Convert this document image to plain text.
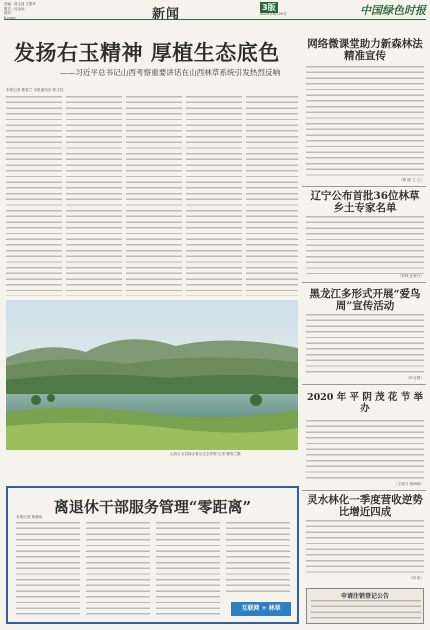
责编：周玉清 王燕华
版式：付金仙
校对：
E-mail:	新闻	3版
2025年6月20日	中国绿色时报
发扬右玉精神 厚植生态底色
——习近平总书记山西考察重要讲话在山西林草系统引发热烈反响
本报记者 曹春兰 本报通讯员 郭文柱
山西右玉县绿水青山生态景观 记者 曹春兰摄
网络微课堂助力新森林法精准宣传
（陈 刚 王 立）
辽宁公布首批36位林草乡土专家名单
（李林 汪家兴）
黑龙江多形式开展“爱鸟周”宣传活动
（叶正国）
2020 年 平 阴 茂 花 节 举 办
（王明义 杨海涛）
灵水林化一季度营收逆势比增近四成
（刘 伟）
申请注销登记公告
离退休干部服务管理“零距离”
本报记者 黄静伟
互联网 + 林草
